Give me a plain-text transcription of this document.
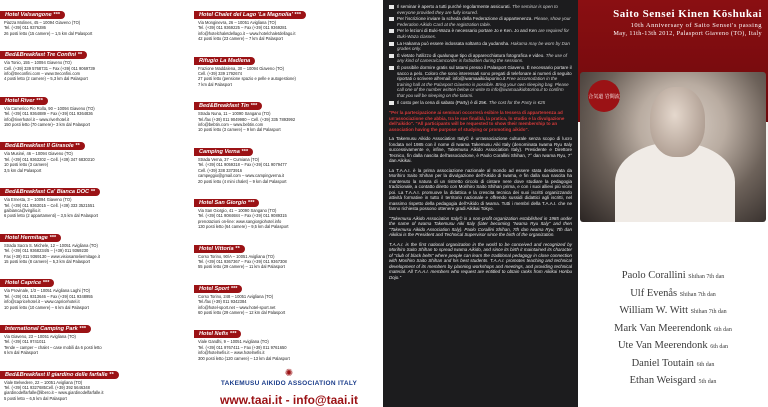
Hotel Valsangone ***
Piazza Molines, 45 – 10094 Giaveno (TO)
Tel. (+39) 011 9376286
26 posti letto (15 camere) – 1,5 km dal Palasport
Bed&Breakfast Tre Confini **
Via Tonio, 155 – 10094 Giaveno (TO)
Cell. (+39) 339 5768731 – Fax (+39) 011 9069739
info@treconfini.com – www.treconfini.com
4 posti letto (2 camere) – 5,3 km dal Palasport
Hotel River ***
Via Camerico Pio Rolla, 90 – 10094 Giaveno (TO)
Tel. (+39) 011 9364889 – Fax (+39) 011 9364836
info@riverhotel.it – www.riverhotel.it
150 posti letto (70 camere)– 3 km dal Palasport
Bed&Breakfast Il Girasole **
Via Musiné, 46 – 10094 Giaveno (TO)
Tel. (+39) 011 9363202 – Cell. (+39) 347 6830310
10 posti letto (3 camere)
3,5 km dal Palasport
Bed&Breakfast Ca' Bianca DOC **
Via Ernesta, 3 – 10094 Giaveno (TO)
Tel. (+39) 011 9363015 – Cell. (+39) 333 3521551
gaibianca@virgilio.it
6 posti letto (2 appartamenti) – 3,5 km dal Palasport
Hotel Hermitage ***
Strada Sacra S. Michele, 12 – 10051 Avigliana (TO)
Tel. (+39) 011 9368234/5 – (+39) 011 9369230
Fax (+39) 011 9369130 – www.visiosanteliermitage.it
15 posti letto (8 camere) – 5,3 km dal Palasport
Hotel Caprice ***
Via Provinale, 1/3 – 10051 Avigliana Laghi (TO)
Tel. (+39) 011 9313646 – Fax (+39) 011 9348955
info@capricehotel.it – www.capricehotel.it
10 posti letto (10 camere) – 6 km dal Palasport
International Camping Park ***
Via Giaveno, 23 – 10051 Avigliana (TO)
Tel. (+39) 011 9741011
Tende – camper – chalet – case mobili da 6 posti letto
6 km dal Palasport
Bed&Breakfast Il giardino delle farfalle **
Viale Belvedere, 22 – 10051 Avigliana (TO)
Tel. (+39) 011 9327685Cell. (+39) 392 5646348
giardinodelfarfalle@libero.it – www.giardinodelfarfalle.it
5 posti letto – 6,5 km dal Palasport
Hotel Chalet del Lago 'La Magnolia' ***
Via Monginevra, 26 – 10051 Avigliana (TO)
Tel. (+39) 011 9369225 – Fax (+39) 011 9369281
info@hotelchaletdellago.it – www.hotelchaletdellago.it
42 posti letto (23 camere) – 7 km dal Palasport
Rifugio La Madlena
Frazione Maddalena, 30 – 10094 Giaveno (TO)
Cell. (+39) 339 1792674
27 posti letto (pensione spazio e pelle e autogestione)
7 km dal Palasport
Bed&Breakfast Tin ***
Strada Nuna, 11 – 10090 Sangano (TO)
Tel./fax (+39) 011 9049980 – Cell. (+39) 335 7893992
info@bebtin.com – www.bebtin.com
10 posti letto (3 camere) – 9 km dal Palasport
Camping Verna ***
Strada Verna, 37 – Cumiana (TO)
Tel. (+39) 011 9059318 – Fax (+39) 011 9079477
Cell. (+39) 338 3373916
campeggio@gmail.com – www.campingverna.it
20 posti letto (4 mini chalet) – 9 km dal Palasport
Hotel San Giorgio ***
Via San Giorgio, 41 – 10090 Sangano (TO)
Tel. (+39) 011 9084684 – Fax (+39) 011 9089315
prenotazioni on-line: www.sangiorgiohotel.info
130 posti letto (64 camere) – 9,5 km dal Palasport
Hotel Vittoria **
Corso Torino, 90/A – 10051 Avigliana (TO)
Tel. (+39) 011 9367367 – Fax (+39) 011 9367308
55 posti letto (29 camere) – 11 km dal Palasport
Hotel Sport ***
Corso Torino, 248 – 10051 Avigliana (TO)
Tel./fax (+39) 011 9342384
info@hotel-sport.net – www.hotel-sport.net
60 posti letto (29 camere) – 12 km dal Palasport
Hotel Nefis ***
Viale Gandhi, 9 – 10051 Avigliana (TO)
Tel. (+39) 011 9767411 – Fax (+39) 011 9761650
info@hotelnefis.it – www.hotelnefis.it
300 posti letto (120 camere) – 13 km dal Palasport
✺
TAKEMUSU AIKIDO ASSOCIATION ITALY
www.taai.it - info@taai.it
Il seminar è aperto a tutti purché regolarmente assicurati. The seminar is open to everyone provided they are fully insured.
Per l'iscrizione inviare la scheda della Federazione di appartenenza. Please, show your Federation Aikido Card at the registration table.
Per le lezioni di Buki-Waza è necessario portare Jo e Ken. Jo and Ken are required for Buki-Waza classes.
La Hakama può essere indossata soltanto da yudansha. Hakama may be worn by Dan grades only.
È vietato l'utilizzo di qualunque tipo di apparecchiatura fotografica e video. The use of any kind of camera/camcorder is forbidden during the sessions.
È possibile dormire gratis sul tatami presso il Palasport Giaveno. È necessario portare il sacco a pelo. Coloro che sono interessati sono pregati di telefonare ai numeri di seguito riportati o scrivere all'email: info@iwamaaikidoporino.it Free accomodation in the training hall at the Palasport Giaveno is possible. Bring your own sleeping bag. Please call one of the number written below or write to info@iwamaaikidotorino.it to confirm that you will be sleeping on the tatami.
Il costo per la cena di sabato (Party) è di 25€. The cost for the Party is €25
"Per la partecipazione ai seminari occorrerà esibire la tessera di appartenenza ad un'associazione che abbia, tra le sue finalità, la pratica, lo studio e la divulgazione dell'aikido". "All participants will be requested to show their membership to an association having the purpose of studying or promoting aikido".
La Takemusu Aikido Association Italy© è un'associazione culturale senza scopo di lucro fondata nel 1985 con il nome di Iwama Takemusu Aiki Italy (denominata Iwama Ryu Italy successivamente e, infine, Takemusu Aikido Association Italy). Presidente e Direttore Tecnico, fin dalla nascita dell'associazione, è Paolo Corallini Shihan, 7° dan Iwama Ryu, 7° dan Aikikai.
La T.A.A.I. è la prima associazione nazionale al mondo ad essere stata desiderata da Morihiro Saito Shihan per la divulgazione dell'Aikido di Iwama, e fin dalla sua nascita ha mantenuto la natura di un ristretto circolo di cintare nere dove studiare la pedagogia tradizionale, a contatto diretto con Morihiro Saito Shihan prima, e con i suoi allievi più vicini poi. La T.A.A.I. promuove la didattica e la crescita tecnica dei suoi iscritti organizzando attività formative in tutto il territorio nazionale e offrendo sussidi didattici agli iscritti, nel massimo rispetto della pedagogia dell'Aikido di Iwama. Tutti i membri della T.A.A.I. che ne fanno richiesta possono ottenere gradi Aikikai Tokyo.
"Takemusu Aikido Association Italy© is a non-profit organization established in 1985 under the name of Iwama Takemusu Aiki Italy (later becoming "Iwama Ryu Italy" and then "Takemusu Aikido Association Italy). Paolo Corallini Shihan, 7th dan Iwama Ryu, 7th dan Aikikai is the President and Technical Supervisor since the birth of the organization.
T.A.A.I. is the first national organization in the world to be conceived and recognized by Morihiro Saito Shihan to spread Iwama Aikido, and since its birth it maintained its character of "club of black belts" where people can learn the traditional pedagogy in close connection with Morihiro Saito Shihan and his best students. T.A.A.I. promotes teaching and technical development of its members by planning workshops and meetings, and providing technical material. All T.A.A.I. members who request are entitled to obtain ranks from Aikikai Honbu Dojo."
Saito Sensei Kinen Kōshukai
10th Anniversary of Saito Sensei's passing
May, 11th-13th 2012, Palasport Giaveno (TO), Italy
合気道 岩間流
Paolo Corallini Shihan 7th dan
Ulf Evenås Shihan 7th dan
William W. Witt Shihan 7th dan
Mark Van Meerendonk 6th dan
Ute Van Meerendonk 6th dan
Daniel Toutain 6th dan
Ethan Weisgard 5th dan
